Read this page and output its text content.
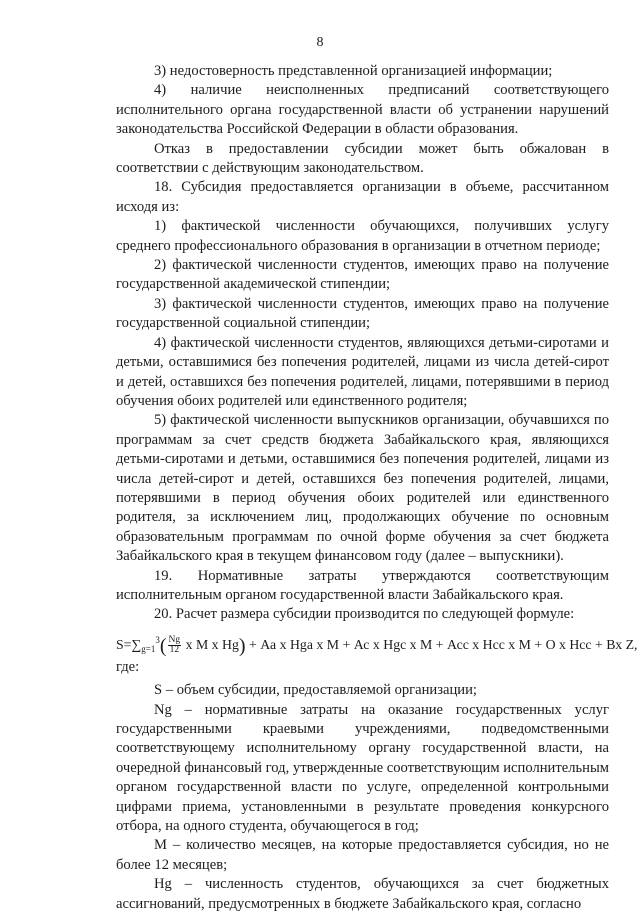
8

3) недостоверность представленной организацией информации;

4) наличие неисполненных предписаний соответствующего исполнительного органа государственной власти об устранении нарушений законодательства Российской Федерации в области образования.

Отказ в предоставлении субсидии может быть обжалован в соответствии с действующим законодательством.

18. Субсидия предоставляется организации в объеме, рассчитанном исходя из:

1) фактической численности обучающихся, получивших услугу среднего профессионального образования в организации в отчетном периоде;

2) фактической численности студентов, имеющих право на получение государственной академической стипендии;

3) фактической численности студентов, имеющих право на получение государственной социальной стипендии;

4) фактической численности студентов, являющихся детьми-сиротами и детьми, оставшимися без попечения родителей, лицами из числа детей-сирот и детей, оставшихся без попечения родителей, лицами, потерявшими в период обучения обоих родителей или единственного родителя;

5) фактической численности выпускников организации, обучавшихся по программам за счет средств бюджета Забайкальского края, являющихся детьми-сиротами и детьми, оставшимися без попечения родителей, лицами из числа детей-сирот и детей, оставшихся без попечения родителей, лицами, потерявшими в период обучения обоих родителей или единственного родителя, за исключением лиц, продолжающих обучение по основным образовательным программам по очной форме обучения за счет бюджета Забайкальского края в текущем финансовом году (далее – выпускники).

19. Нормативные затраты утверждаются соответствующим исполнительным органом государственной власти Забайкальского края.

20. Расчет размера субсидии производится по следующей формуле:

$S=\sum_{g=1}^3( \frac{Ng}{12}$ x M x Hg) + Аа x Нgа x М + Ас x Нgс x М + Асс x Нсс x М + О x Нсс + Вх Z,

где:

S – объем субсидии, предоставляемой организации;

Ng – нормативные затраты на оказание государственных услуг государственными краевыми учреждениями, подведомственными соответствующему исполнительному органу государственной власти, на очередной финансовый год, утвержденные соответствующим исполнительным органом государственной власти по услуге, определенной контрольными цифрами приема, установленными в результате проведения конкурсного отбора, на одного студента, обучающегося в год;

М – количество месяцев, на которые предоставляется субсидия, но не более 12 месяцев;

Hg – численность студентов, обучающихся за счет бюджетных ассигнований, предусмотренных в бюджете Забайкальского края, согласно
